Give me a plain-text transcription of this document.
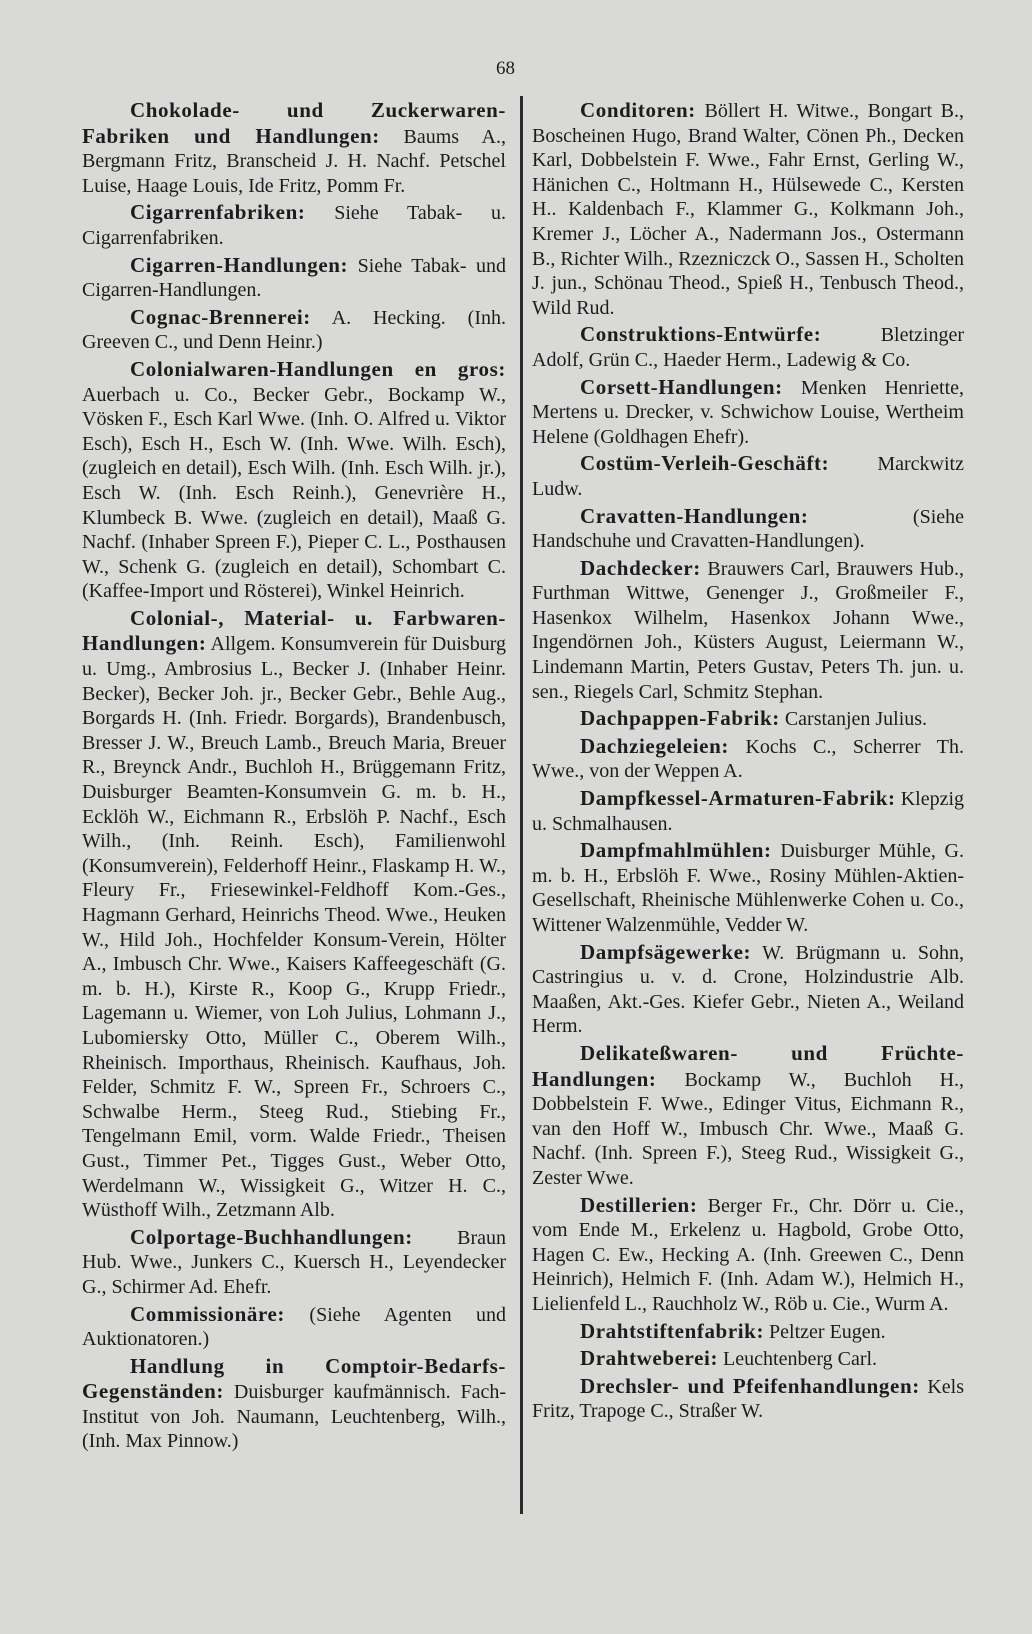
68

Chokolade- und Zuckerwaren-Fabriken und Handlungen: Baums A., Bergmann Fritz, Branscheid J. H. Nachf. Petschel Luise, Haage Louis, Ide Fritz, Pomm Fr.

Cigarrenfabriken: Siehe Tabak- u. Cigarrenfabriken.

Cigarren-Handlungen: Siehe Tabak- und Cigarren-Handlungen.

Cognac-Brennerei: A. Hecking. (Inh. Greeven C., und Denn Heinr.)

Colonialwaren-Handlungen en gros: Auerbach u. Co., Becker Gebr., Bockamp W., Vösken F., Esch Karl Wwe. (Inh. O. Alfred u. Viktor Esch), Esch H., Esch W. (Inh. Wwe. Wilh. Esch), (zugleich en detail), Esch Wilh. (Inh. Esch Wilh. jr.), Esch W. (Inh. Esch Reinh.), Genevrière H., Klumbeck B. Wwe. (zugleich en detail), Maaß G. Nachf. (Inhaber Spreen F.), Pieper C. L., Posthausen W., Schenk G. (zugleich en detail), Schombart C. (Kaffee-Import und Rösterei), Winkel Heinrich.

Colonial-, Material- u. Farbwaren-Handlungen: Allgem. Konsumverein für Duisburg u. Umg., Ambrosius L., Becker J. (Inhaber Heinr. Becker), Becker Joh. jr., Becker Gebr., Behle Aug., Borgards H. (Inh. Friedr. Borgards), Brandenbusch, Bresser J. W., Breuch Lamb., Breuch Maria, Breuer R., Breynck Andr., Buchloh H., Brüggemann Fritz, Duisburger Beamten-Konsumvein G. m. b. H., Ecklöh W., Eichmann R., Erbslöh P. Nachf., Esch Wilh., (Inh. Reinh. Esch), Familienwohl (Konsumverein), Felderhoff Heinr., Flaskamp H. W., Fleury Fr., Friesewinkel-Feldhoff Kom.-Ges., Hagmann Gerhard, Heinrichs Theod. Wwe., Heuken W., Hild Joh., Hochfelder Konsum-Verein, Hölter A., Imbusch Chr. Wwe., Kaisers Kaffeegeschäft (G. m. b. H.), Kirste R., Koop G., Krupp Friedr., Lagemann u. Wiemer, von Loh Julius, Lohmann J., Lubomiersky Otto, Müller C., Oberem Wilh., Rheinisch. Importhaus, Rheinisch. Kaufhaus, Joh. Felder, Schmitz F. W., Spreen Fr., Schroers C., Schwalbe Herm., Steeg Rud., Stiebing Fr., Tengelmann Emil, vorm. Walde Friedr., Theisen Gust., Timmer Pet., Tigges Gust., Weber Otto, Werdelmann W., Wissigkeit G., Witzer H. C., Wüsthoff Wilh., Zetzmann Alb.

Colportage-Buchhandlungen: Braun Hub. Wwe., Junkers C., Kuersch H., Leyendecker G., Schirmer Ad. Ehefr.

Commissionäre: (Siehe Agenten und Auktionatoren.)

Handlung in Comptoir-Bedarfs-Gegenständen: Duisburger kaufmännisch. Fach-Institut von Joh. Naumann, Leuchtenberg, Wilh., (Inh. Max Pinnow.)

Conditoren: Böllert H. Witwe., Bongart B., Boscheinen Hugo, Brand Walter, Cönen Ph., Decken Karl, Dobbelstein F. Wwe., Fahr Ernst, Gerling W., Hänichen C., Holtmann H., Hülsewede C., Kersten H.. Kaldenbach F., Klammer G., Kolkmann Joh., Kremer J., Löcher A., Nadermann Jos., Ostermann B., Richter Wilh., Rzezniczck O., Sassen H., Scholten J. jun., Schönau Theod., Spieß H., Tenbusch Theod., Wild Rud.

Construktions-Entwürfe:	Bletzinger Adolf, Grün C., Haeder Herm., Ladewig & Co.

Corsett-Handlungen: Menken Henriette, Mertens u. Drecker, v. Schwichow Louise, Wertheim Helene (Goldhagen Ehefr).

Costüm-Verleih-Geschäft: Marckwitz Ludw.

Cravatten-Handlungen:	(Siehe Handschuhe und Cravatten-Handlungen).

Dachdecker: Brauwers Carl, Brauwers Hub., Furthman Wittwe, Genenger J., Großmeiler F., Hasenkox Wilhelm, Hasenkox Johann Wwe., Ingendörnen Joh., Küsters August, Leiermann W., Lindemann Martin, Peters Gustav, Peters Th. jun. u. sen., Riegels Carl, Schmitz Stephan.

Dachpappen-Fabrik: Carstanjen Julius.

Dachziegeleien: Kochs C., Scherrer Th. Wwe., von der Weppen A.

Dampfkessel-Armaturen-Fabrik: Klepzig u. Schmalhausen.

Dampfmahlmühlen: Duisburger Mühle, G. m. b. H., Erbslöh F. Wwe., Rosiny Mühlen-Aktien-Gesellschaft, Rheinische Mühlenwerke Cohen u. Co., Wittener Walzenmühle, Vedder W.

Dampfsägewerke: W. Brügmann u. Sohn, Castringius u. v. d. Crone, Holzindustrie Alb. Maaßen, Akt.-Ges. Kiefer Gebr., Nieten A., Weiland Herm.

Delikateßwaren- und Früchte-Handlungen: Bockamp W., Buchloh H., Dobbelstein F. Wwe., Edinger Vitus, Eichmann R., van den Hoff W., Imbusch Chr. Wwe., Maaß G. Nachf. (Inh. Spreen F.), Steeg Rud., Wissigkeit G., Zester Wwe.

Destillerien: Berger Fr., Chr. Dörr u. Cie., vom Ende M., Erkelenz u. Hagbold, Grobe Otto, Hagen C. Ew., Hecking A. (Inh. Greewen C., Denn Heinrich), Helmich F. (Inh. Adam W.), Helmich H., Lielienfeld L., Rauchholz W., Röb u. Cie., Wurm A.

Drahtstiftenfabrik: Peltzer Eugen.

Drahtweberei: Leuchtenberg Carl.

Drechsler- und Pfeifenhandlungen: Kels Fritz, Trapoge C., Straßer W.
